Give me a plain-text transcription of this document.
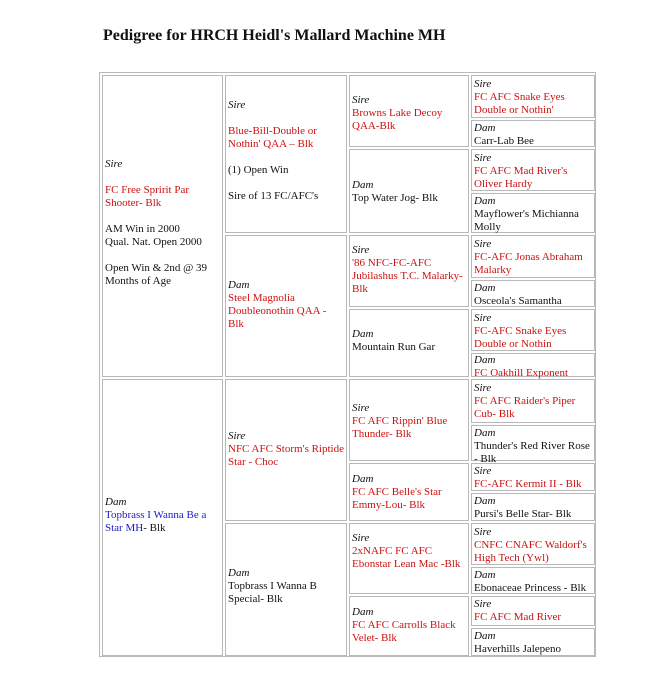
Pedigree for HRCH Heidl's Mallard Machine MH
Sire
FC Free Spririt Par Shooter- Blk
AM Win in 2000
Qual. Nat. Open 2000
Open Win & 2nd @ 39 Months of Age
Dam
Topbrass I Wanna Be a Star MH- Blk
Sire
Blue-Bill-Double or Nothin' QAA – Blk
(1) Open Win
Sire of 13 FC/AFC's
Dam
Steel Magnolia Doubleonothin QAA - Blk
Sire
NFC AFC Storm's Riptide Star - Choc
Dam
Topbrass I Wanna B Special- Blk
Sire
Browns Lake Decoy QAA-Blk
Dam
Top Water Jog- Blk
Sire
'86 NFC-FC-AFC Jubilashus T.C. Malarky- Blk
Dam
Mountain Run Gar
Sire
FC AFC Rippin' Blue Thunder- Blk
Dam
FC AFC Belle's Star Emmy-Lou- Blk
Sire
2xNAFC FC AFC Ebonstar Lean Mac -Blk
Dam
FC AFC Carrolls Black Velet- Blk
Sire
FC AFC Snake Eyes Double or Nothin'
Dam
Carr-Lab Bee
Sire
FC AFC Mad River's Oliver Hardy
Dam
Mayflower's Michianna Molly
Sire
FC-AFC Jonas Abraham Malarky
Dam
Osceola's Samantha
Sire
FC-AFC Snake Eyes Double or Nothin
Dam
FC Oakhill Exponent
Sire
FC AFC Raider's Piper Cub- Blk
Dam
Thunder's Red River Rose - Blk
Sire
FC-AFC Kermit II - Blk
Dam
Pursi's Belle Star- Blk
Sire
CNFC CNAFC Waldorf's High Tech (Ywl)
Dam
Ebonaceae Princess - Blk
Sire
FC AFC Mad River
Dam
Haverhills Jalepeno
